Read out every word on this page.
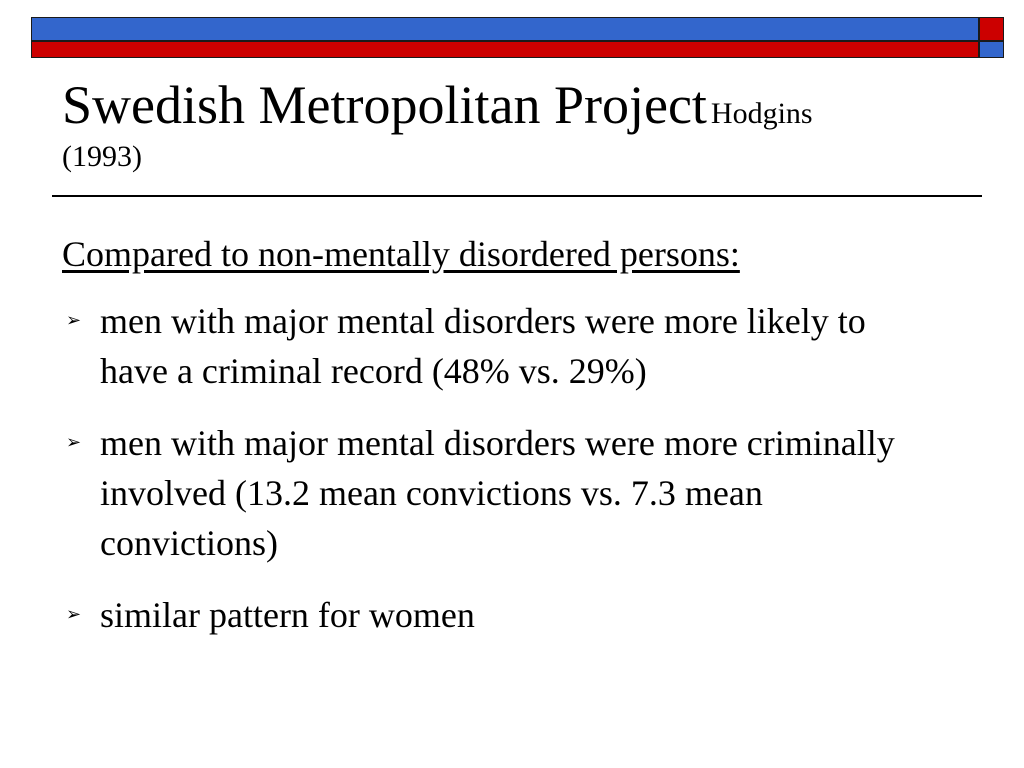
Swedish Metropolitan Project Hodgins
(1993)
Compared to non-mentally disordered persons:
➢ men with major mental disorders were more likely to have a criminal record (48% vs. 29%)
➢ men with major mental disorders were more criminally involved (13.2 mean convictions vs. 7.3 mean convictions)
➢ similar pattern for women
